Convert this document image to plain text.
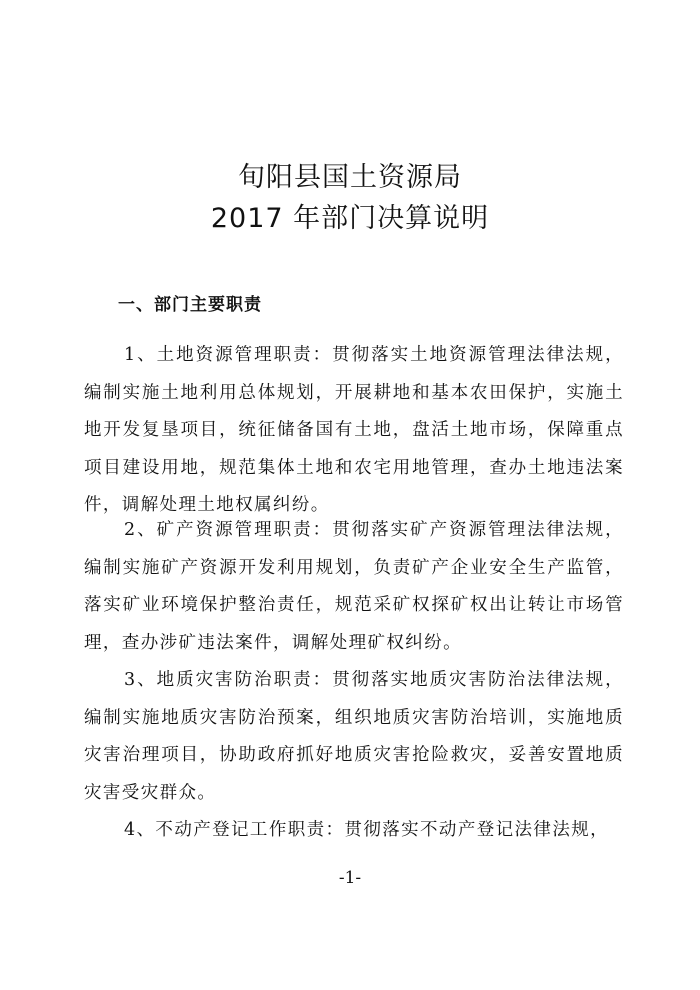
旬阳县国土资源局
2017 年部门决算说明
一、部门主要职责

1、土地资源管理职责：贯彻落实土地资源管理法律法规，编制实施土地利用总体规划，开展耕地和基本农田保护，实施土地开发复垦项目，统征储备国有土地，盘活土地市场，保障重点项目建设用地，规范集体土地和农宅用地管理，查办土地违法案件，调解处理土地权属纠纷。

2、矿产资源管理职责：贯彻落实矿产资源管理法律法规，编制实施矿产资源开发利用规划，负责矿产企业安全生产监管，落实矿业环境保护整治责任，规范采矿权探矿权出让转让市场管理，查办涉矿违法案件，调解处理矿权纠纷。

3、地质灾害防治职责：贯彻落实地质灾害防治法律法规，编制实施地质灾害防治预案，组织地质灾害防治培训，实施地质灾害治理项目，协助政府抓好地质灾害抢险救灾，妥善安置地质灾害受灾群众。

4、不动产登记工作职责：贯彻落实不动产登记法律法规，

-1-
